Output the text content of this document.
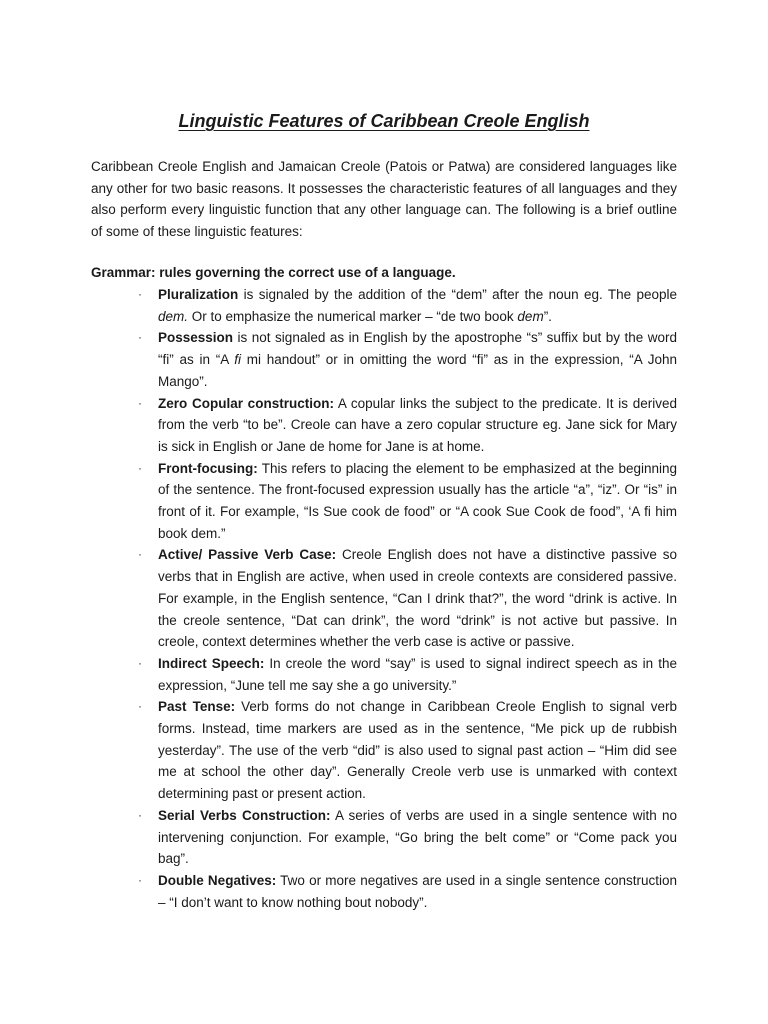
Linguistic Features of Caribbean Creole English

Caribbean Creole English and Jamaican Creole (Patois or Patwa) are considered languages like any other for two basic reasons. It possesses the characteristic features of all languages and they also perform every linguistic function that any other language can. The following is a brief outline of some of these linguistic features:

Grammar: rules governing the correct use of a language.

· Pluralization is signaled by the addition of the “dem” after the noun eg. The people dem. Or to emphasize the numerical marker – “de two book dem”.
· Possession is not signaled as in English by the apostrophe “s” suffix but by the word “fi” as in “A fi mi handout” or in omitting the word “fi” as in the expression, “A John Mango”.
· Zero Copular construction: A copular links the subject to the predicate. It is derived from the verb “to be”. Creole can have a zero copular structure eg. Jane sick for Mary is sick in English or Jane de home for Jane is at home.
· Front-focusing: This refers to placing the element to be emphasized at the beginning of the sentence. The front-focused expression usually has the article “a”, “iz”. Or “is” in front of it. For example, “Is Sue cook de food” or “A cook Sue Cook de food”, ‘A fi him book dem.”
· Active/ Passive Verb Case: Creole English does not have a distinctive passive so verbs that in English are active, when used in creole contexts are considered passive. For example, in the English sentence, “Can I drink that?”, the word “drink is active. In the creole sentence, “Dat can drink”, the word “drink” is not active but passive. In creole, context determines whether the verb case is active or passive.
· Indirect Speech: In creole the word “say” is used to signal indirect speech as in the expression, “June tell me say she a go university.”
· Past Tense: Verb forms do not change in Caribbean Creole English to signal verb forms. Instead, time markers are used as in the sentence, “Me pick up de rubbish yesterday”. The use of the verb “did” is also used to signal past action – “Him did see me at school the other day”. Generally Creole verb use is unmarked with context determining past or present action.
· Serial Verbs Construction: A series of verbs are used in a single sentence with no intervening conjunction. For example, “Go bring the belt come” or “Come pack you bag”.
· Double Negatives: Two or more negatives are used in a single sentence construction – “I don’t want to know nothing bout nobody”.
